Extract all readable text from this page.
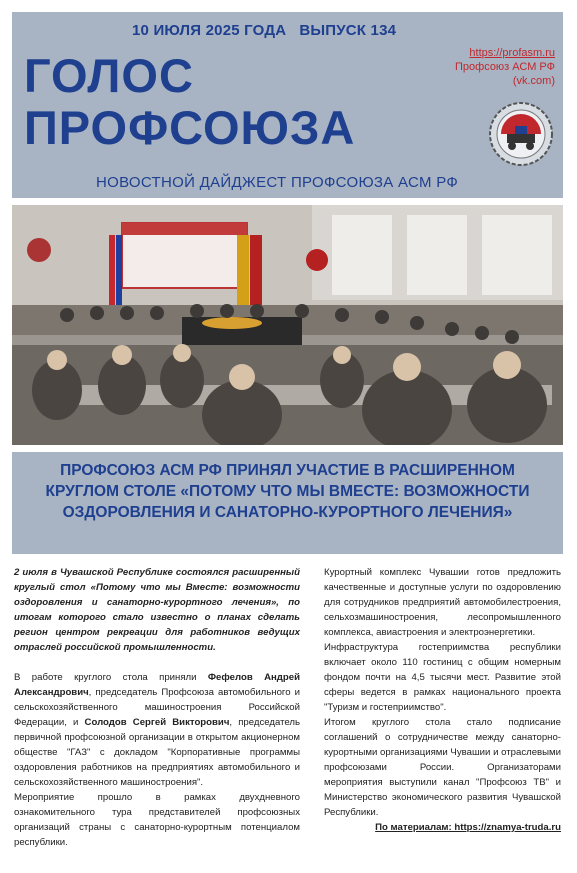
10 ИЮЛЯ 2025 ГОДА   ВЫПУСК 134
ГОЛОС
ПРОФСОЮЗА
НОВОСТНОЙ ДАЙДЖЕСТ ПРОФСОЮЗА АСМ РФ
https://profasm.ru
Профсоюз АСМ РФ
(vk.com)
ПРОФСОЮЗ АСМ РФ ПРИНЯЛ УЧАСТИЕ В РАСШИРЕННОМ КРУГЛОМ СТОЛЕ «ПОТОМУ ЧТО МЫ ВМЕСТЕ: ВОЗМОЖНОСТИ ОЗДОРОВЛЕНИЯ И САНАТОРНО-КУРОРТНОГО ЛЕЧЕНИЯ»

2 июля в Чувашской Республике состоялся расширенный круглый стол «Потому что мы Вместе: возможности оздоровления и санаторно-курортного лечения», по итогам которого стало известно о планах сделать регион центром рекреации для работников ведущих отраслей российской промышленности.

В работе круглого стола приняли Фефелов Андрей Александрович, председатель Профсоюза автомобильного и сельскохозяйственного машиностроения Российской Федерации, и Солодов Сергей Викторович, председатель первичной профсоюзной организации в открытом акционерном обществе "ГАЗ" с докладом "Корпоративные программы оздоровления работников на предприятиях автомобильного и сельскохозяйственного машиностроения".

Мероприятие прошло в рамках двухдневного ознакомительного тура представителей профсоюзных организаций страны с санаторно-курортным потенциалом республики.

Курортный комплекс Чувашии готов предложить качественные и доступные услуги по оздоровлению для сотрудников предприятий автомобилестроения, сельхозмашиностроения, лесопромышленного комплекса, авиастроения и электроэнергетики.

Инфраструктура гостеприимства республики включает около 110 гостиниц с общим номерным фондом почти на 4,5 тысячи мест. Развитие этой сферы ведется в рамках национального проекта "Туризм и гостеприимство".

Итогом круглого стола стало подписание соглашений о сотрудничестве между санаторно-курортными организациями Чувашии и отраслевыми профсоюзами России. Организаторами мероприятия выступили канал "Профсоюз ТВ" и Министерство экономического развития Чувашской Республики.

По материалам: https://znamya-truda.ru
